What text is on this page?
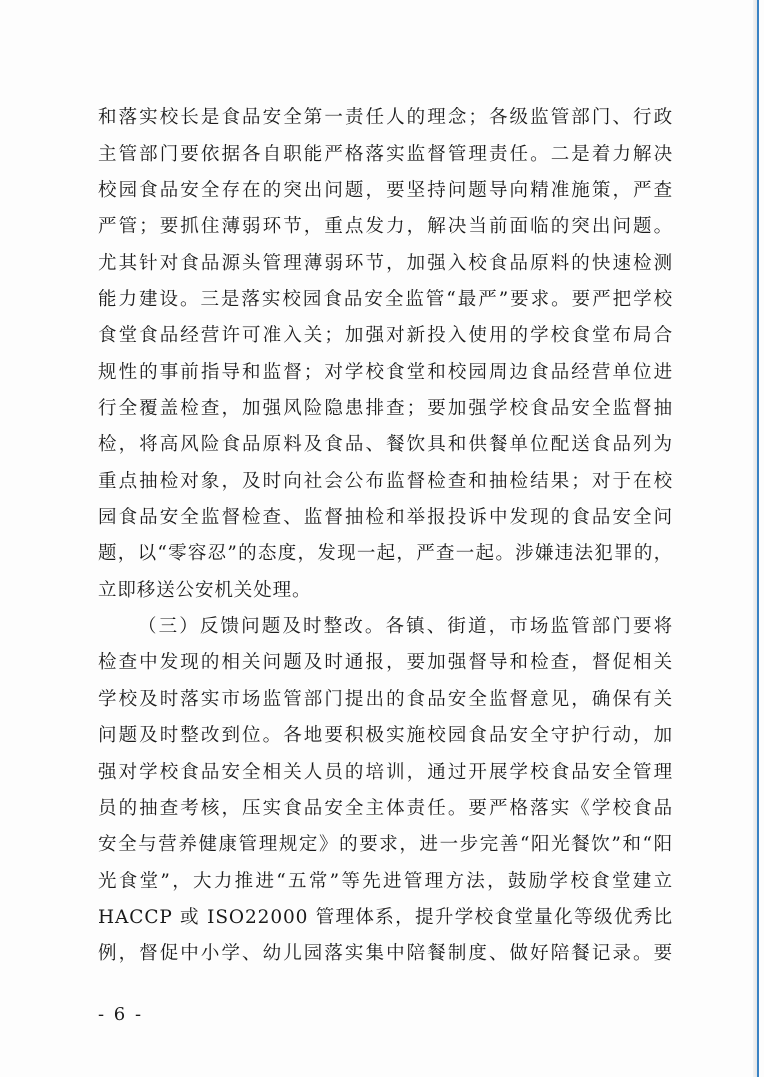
和落实校长是食品安全第一责任人的理念；各级监管部门、行政
主管部门要依据各自职能严格落实监督管理责任。二是着力解决
校园食品安全存在的突出问题，要坚持问题导向精准施策，严查
严管；要抓住薄弱环节，重点发力，解决当前面临的突出问题。
尤其针对食品源头管理薄弱环节，加强入校食品原料的快速检测
能力建设。三是落实校园食品安全监管“最严”要求。要严把学校
食堂食品经营许可准入关；加强对新投入使用的学校食堂布局合
规性的事前指导和监督；对学校食堂和校园周边食品经营单位进
行全覆盖检查，加强风险隐患排查；要加强学校食品安全监督抽
检，将高风险食品原料及食品、餐饮具和供餐单位配送食品列为
重点抽检对象，及时向社会公布监督检查和抽检结果；对于在校
园食品安全监督检查、监督抽检和举报投诉中发现的食品安全问
题，以“零容忍”的态度，发现一起，严查一起。涉嫌违法犯罪的，
立即移送公安机关处理。
（三）反馈问题及时整改。各镇、街道，市场监管部门要将
检查中发现的相关问题及时通报，要加强督导和检查，督促相关
学校及时落实市场监管部门提出的食品安全监督意见，确保有关
问题及时整改到位。各地要积极实施校园食品安全守护行动，加
强对学校食品安全相关人员的培训，通过开展学校食品安全管理
员的抽查考核，压实食品安全主体责任。要严格落实《学校食品
安全与营养健康管理规定》的要求，进一步完善“阳光餐饮”和“阳
光食堂”，大力推进“五常”等先进管理方法，鼓励学校食堂建立
HACCP 或 ISO22000 管理体系，提升学校食堂量化等级优秀比
例，督促中小学、幼儿园落实集中陪餐制度、做好陪餐记录。要
- 6 -
